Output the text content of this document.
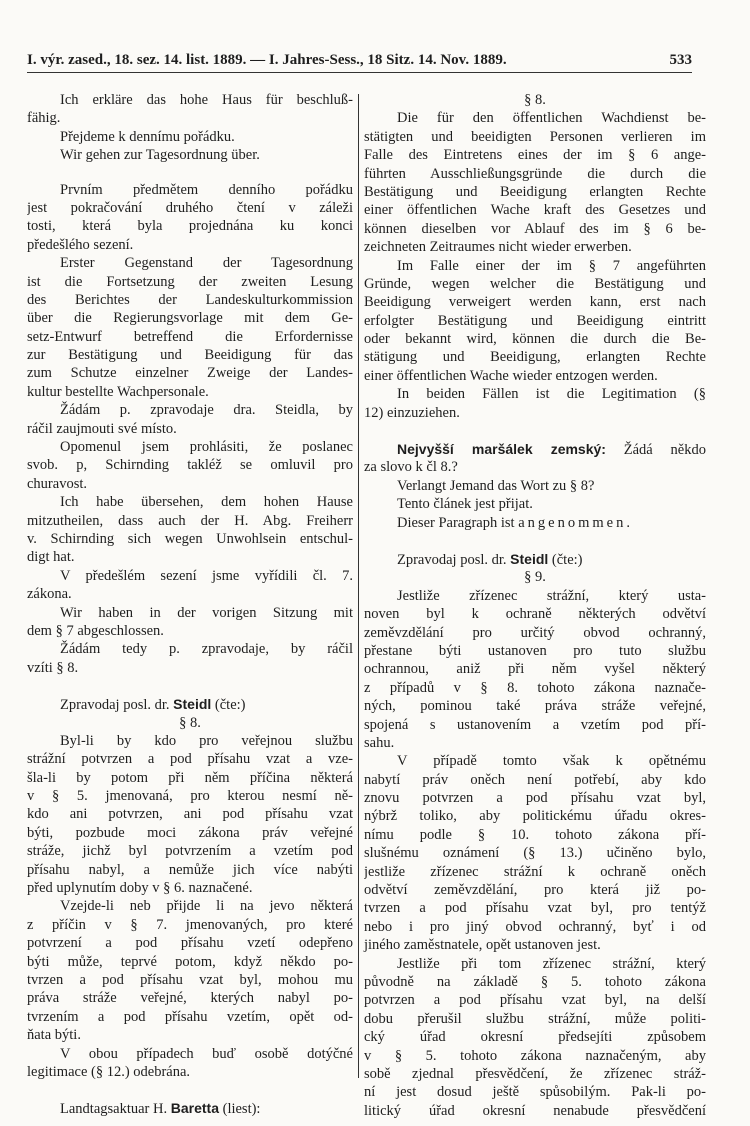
I. výr. zased., 18. sez. 14. list. 1889. — I. Jahres-Sess., 18 Sitz. 14. Nov. 1889.	533
Ich erkläre das hohe Haus für beschluß-
fähig.
Přejdeme k dennímu pořádku.
Wir gehen zur Tagesordnung über.
Prvním předmětem denního pořádku
jest pokračování druhého čtení v záleži
tosti, která byla projednána ku konci
předešlého sezení.
Erster Gegenstand der Tagesordnung
ist die Fortsetzung der zweiten Lesung
des Berichtes der Landeskulturkommission
über die Regierungsvorlage mit dem Ge-
setz-Entwurf betreffend die Erfordernisse
zur Bestätigung und Beeidigung für das
zum Schutze einzelner Zweige der Landes-
kultur bestellte Wachpersonale.
Žádám p. zpravodaje dra. Steidla, by
ráčil zaujmouti své místo.
Opomenul jsem prohlásiti, že poslanec
svob. p, Schirnding takléž se omluvil pro
churavost.
Ich habe übersehen, dem hohen Hause
mitzutheilen, dass auch der H. Abg. Freiherr
v. Schirnding sich wegen Unwohlsein entschul-
digt hat.
V předešlém sezení jsme vyřídili čl. 7.
zákona.
Wir haben in der vorigen Sitzung mit
dem § 7 abgeschlossen.
Žádám tedy p. zpravodaje, by ráčil
vzíti § 8.
Zpravodaj posl. dr. Steidl (čte:)
§ 8.
Byl-li by kdo pro veřejnou službu
strážní potvrzen a pod přísahu vzat a vze-
šla-li by potom při něm příčina některá
v § 5. jmenovaná, pro kterou nesmí ně-
kdo ani potvrzen, ani pod přísahu vzat
býti, pozbude moci zákona práv veřejné
stráže, jichž byl potvrzením a vzetím pod
přísahu nabyl, a nemůže jich více nabýti
před uplynutím doby v § 6. naznačené.
Vzejde-li neb přijde li na jevo některá
z příčin v § 7. jmenovaných, pro které
potvrzení a pod přísahu vzetí odepřeno
býti může, teprvé potom, když někdo po-
tvrzen a pod přísahu vzat byl, mohou mu
práva stráže veřejné, kterých nabyl po-
tvrzením a pod přísahu vzetím, opět od-
ňata býti.
V obou případech buď osobě dotýčné
legitimace (§ 12.) odebrána.
Landtagsaktuar H. Baretta (liest):
§ 8.
Die für den öffentlichen Wachdienst be-
stätigten und beeidigten Personen verlieren im
Falle des Eintretens eines der im § 6 ange-
führten Ausschließungsgründe die durch die
Bestätigung und Beeidigung erlangten Rechte
einer öffentlichen Wache kraft des Gesetzes und
können dieselben vor Ablauf des im § 6 be-
zeichneten Zeitraumes nicht wieder erwerben.
Im Falle einer der im § 7 angeführten
Gründe, wegen welcher die Bestätigung und
Beeidigung verweigert werden kann, erst nach
erfolgter Bestätigung und Beeidigung eintritt
oder bekannt wird, können die durch die Be-
stätigung und Beeidigung, erlangten Rechte
einer öffentlichen Wache wieder entzogen werden.
In beiden Fällen ist die Legitimation (§
12) einzuziehen.
Nejvyšší maršálek zemský: Žádá někdo
za slovo k čl 8.?
Verlangt Jemand das Wort zu § 8?
Tento článek jest přijat.
Dieser Paragraph ist angenommen.
Zpravodaj posl. dr. Steidl (čte:)
§ 9.
Jestliže zřízenec strážní, který usta-
noven byl k ochraně některých odvětví
zeměvzdělání pro určitý obvod ochranný,
přestane býti ustanoven pro tuto službu
ochrannou, aniž při něm vyšel některý
z případů v § 8. tohoto zákona naznače-
ných, pominou také práva stráže veřejné,
spojená s ustanovením a vzetím pod pří-
sahu.
V případě tomto však k opětnému
nabytí práv oněch není potřebí, aby kdo
znovu potvrzen a pod přísahu vzat byl,
nýbrž toliko, aby politickému úřadu okres-
nímu podle § 10. tohoto zákona pří-
slušnému oznámení (§ 13.) učiněno bylo,
jestliže zřízenec strážní k ochraně oněch
odvětví zeměvzdělání, pro která již po-
tvrzen a pod přísahu vzat byl, pro tentýž
nebo i pro jiný obvod ochranný, byť i od
jiného zaměstnatele, opět ustanoven jest.
Jestliže při tom zřízenec strážní, který
původně na základě § 5. tohoto zákona
potvrzen a pod přísahu vzat byl, na delší
dobu přerušil službu strážní, může politi-
cký úřad okresní předsejíti způsobem
v § 5. tohoto zákona naznačeným, aby
sobě zjednal přesvědčení, že zřízenec stráž-
ní jest dosud ještě spůsobilým. Pak-li po-
litický úřad okresní nenabude přesvědčení
